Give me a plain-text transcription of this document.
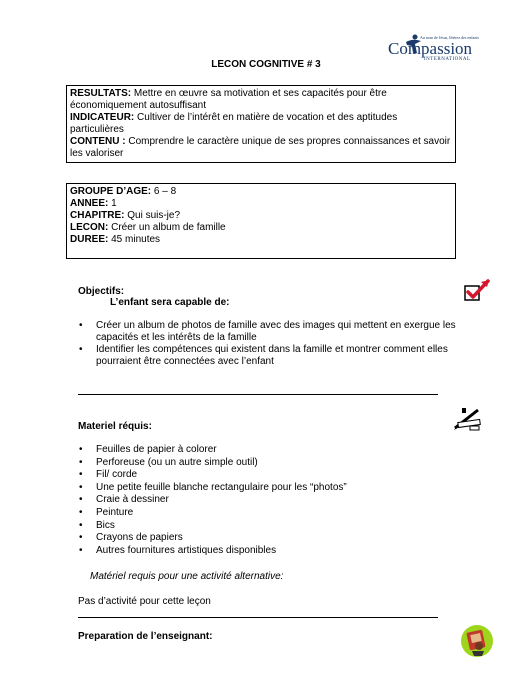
Au nom de Jésus, libérez des enfants
Compassion
INTERNATIONAL
LECON COGNITIVE # 3

RESULTATS: Mettre en œuvre sa motivation et ses capacités pour être économiquement autosuffisant

INDICATEUR: Cultiver de l’intérêt en matière de vocation et des aptitudes particulières

CONTENU : Comprendre le caractère unique de ses propres connaissances et savoir les valoriser

GROUPE D’AGE: 6 – 8

ANNEE: 1

CHAPITRE: Qui suis-je?

LECON: Créer un album de famille

DUREE: 45 minutes

Objectifs:
L’enfant sera capable de:
• Créer un album de photos de famille avec des images qui mettent en exergue les capacités et les intérêts de la famille
• Identifier les compétences qui existent dans la famille et montrer comment elles pourraient être connectées avec l’enfant
Materiel réquis:
• Feuilles de papier à colorer
• Perforeuse (ou un autre simple outil)
• Fil/ corde
• Une petite feuille blanche rectangulaire pour les “photos”
• Craie à dessiner
• Peinture
• Bics
• Crayons de papiers
• Autres fournitures artistiques disponibles
Matériel requis pour une activité alternative:
Pas d’activité pour cette leçon
Preparation de l’enseignant:
